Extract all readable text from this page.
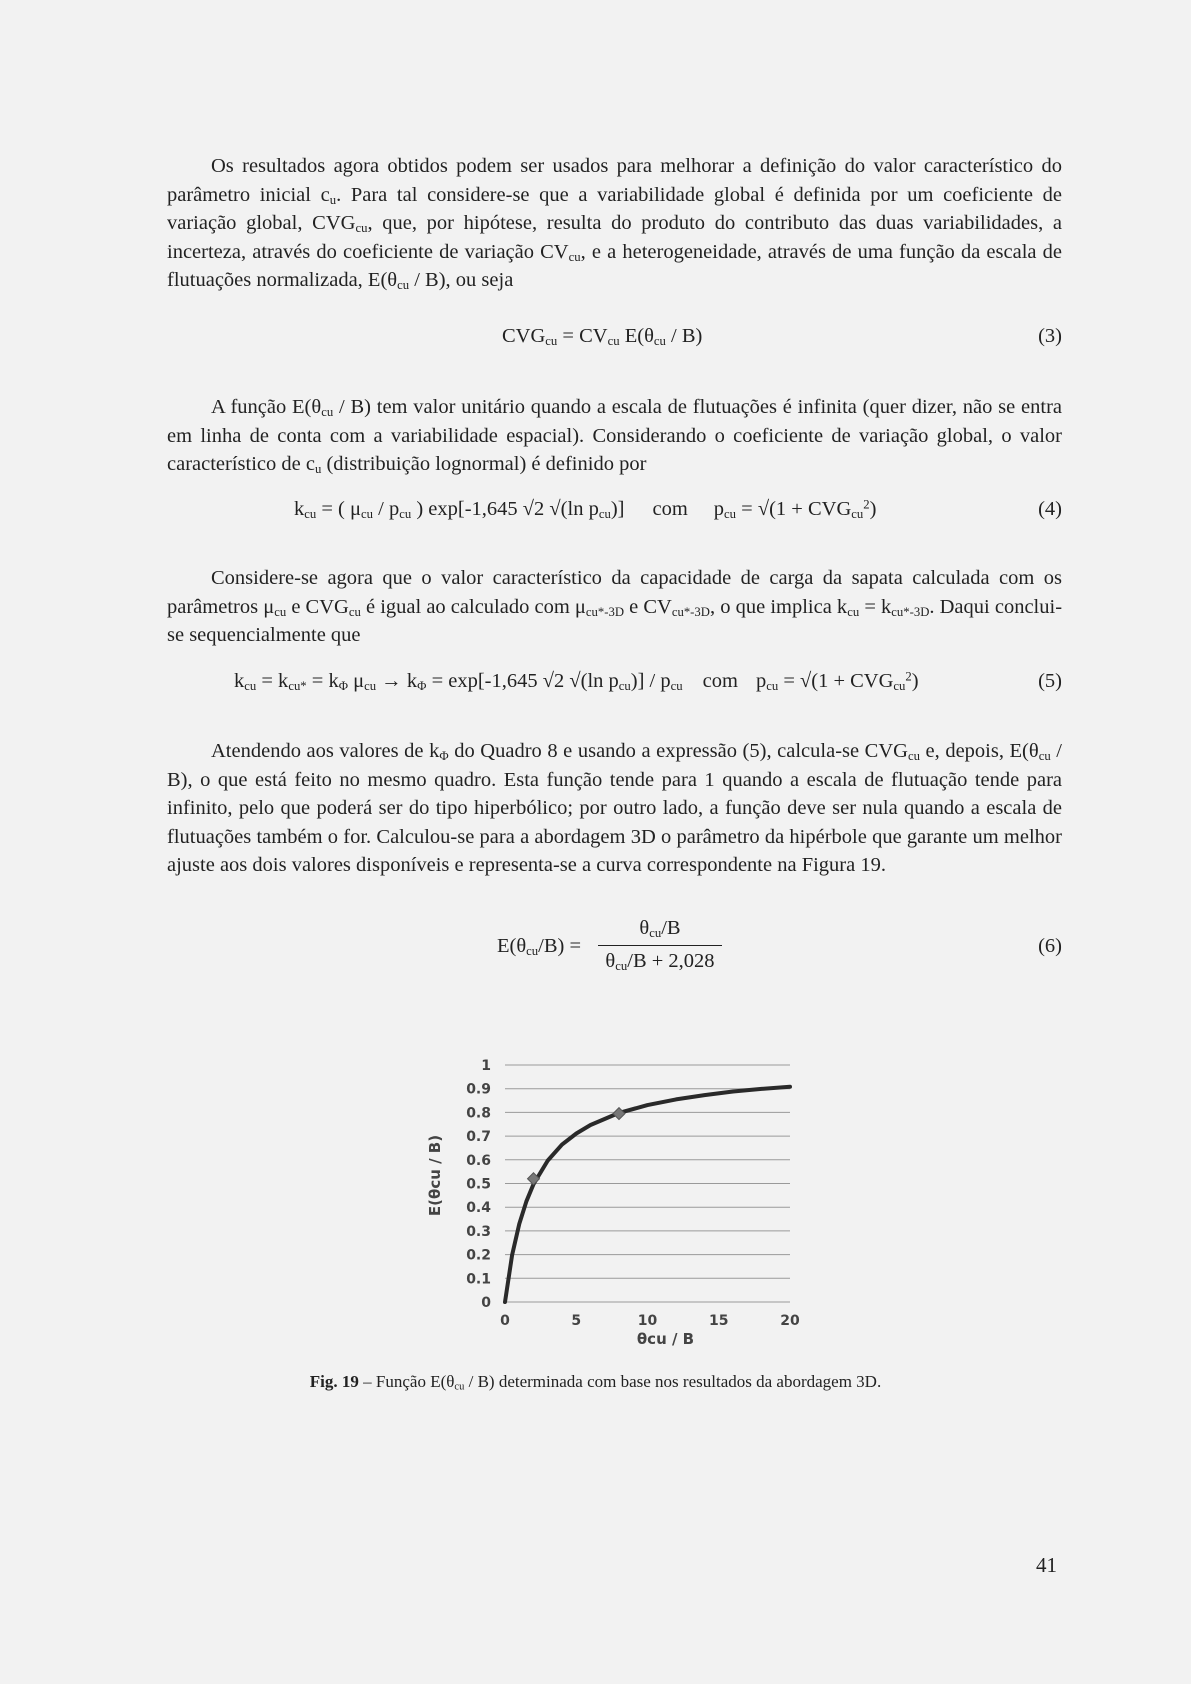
Os resultados agora obtidos podem ser usados para melhorar a definição do valor característico do parâmetro inicial $c_u$. Para tal considere-se que a variabilidade global é definida por um coeficiente de variação global, $CVG_{cu}$, que, por hipótese, resulta do produto do contributo das duas variabilidades, a incerteza, através do coeficiente de variação $CV_{cu}$, e a heterogeneidade, através de uma função da escala de flutuações normalizada, $E(\theta_{cu} / B)$, ou seja

$CVG_{cu} = CV_{cu}$ $E(\theta_{cu} / B)$	(3)

A função $E(\theta_{cu} / B)$ tem valor unitário quando a escala de flutuações é infinita (quer dizer, não se entra em linha de conta com a variabilidade espacial). Considerando o coeficiente de variação global, o valor característico de $c_u$ (distribuição lognormal) é definido por

$k_{cu}$ = ( $\mu_{cu} / p_{cu}$ ) exp[-1,645 √2 √(ln $p_{cu}$)] com $p_{cu} = √(1 + CVG_{cu}^2)$	(4)

Considere-se agora que o valor característico da capacidade de carga da sapata calculada com os parâmetros $\mu_{cu}$ e $CVG_{cu}$ é igual ao calculado com $\mu_{cu*-3D}$ e $CV_{cu*-3D}$, o que implica $k_{cu} = k_{cu*-3D}$. Daqui conclui-se sequencialmente que

$k_{cu} = k_{cu*} = k_\Phi$ $\mu_{cu} \to k_\Phi = \exp[-1,645$ √2 √(ln $p_{cu})] / p_{cu}$ com $p_{cu} = √(1 + CVG_{cu}^2)$	(5)

Atendendo aos valores de $k_\Phi$ do Quadro 8 e usando a expressão (5), calcula-se $CVG_{cu}$ e, depois, $E(\theta_{cu} / B)$, o que está feito no mesmo quadro. Esta função tende para 1 quando a escala de flutuação tende para infinito, pelo que poderá ser do tipo hiperbólico; por outro lado, a função deve ser nula quando a escala de flutuações também o for. Calculou-se para a abordagem 3D o parâmetro da hipérbole que garante um melhor ajuste aos dois valores disponíveis e representa-se a curva correspondente na Figura 19.

$E(\theta_{cu}/B)$ =
$\theta_{cu}/B$
$\theta_{cu}/B + 2,028$
(6)
0
0.1
0.2
0.3
0.4
0.5
0.6
0.7
0.8
0.9
1
0	5	10	15	20
θcu / B
E(θcu / B)
Fig. 19 – Função $E(\theta_{cu} / B)$ determinada com base nos resultados da abordagem 3D.
41
